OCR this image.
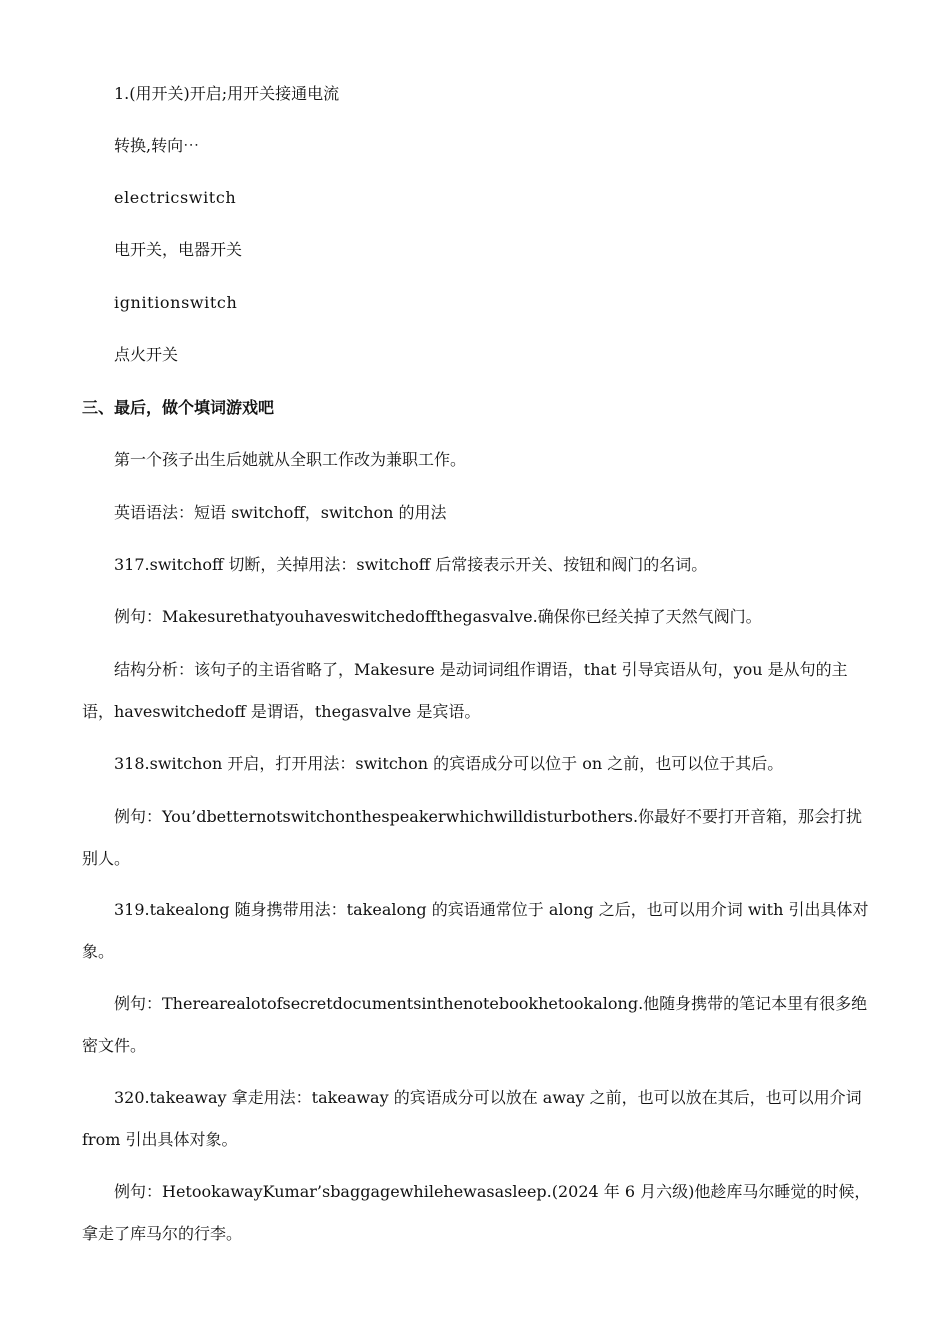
1.(用开关)开启;用开关接通电流
转换,转向⋯
electricswitch
电开关，电器开关
ignitionswitch
点火开关
三、最后，做个填词游戏吧
第一个孩子出生后她就从全职工作改为兼职工作。
英语语法：短语 switchoff，switchon 的用法
317.switchoff 切断，关掉用法：switchoff 后常接表示开关、按钮和阀门的名词。
例句：Makesurethatyouhaveswitchedoffthegasvalve.确保你已经关掉了天然气阀门。
结构分析：该句子的主语省略了，Makesure 是动词词组作谓语，that 引导宾语从句，you 是从句的主语，haveswitchedoff 是谓语，thegasvalve 是宾语。
318.switchon 开启，打开用法：switchon 的宾语成分可以位于 on 之前，也可以位于其后。
例句：You’dbetternotswitchonthespeakerwhichwilldisturbothers.你最好不要打开音箱，那会打扰别人。
319.takealong 随身携带用法：takealong 的宾语通常位于 along 之后，也可以用介词 with 引出具体对象。
例句：Therearealotofsecretdocumentsinthenotebookhetookalong.他随身携带的笔记本里有很多绝密文件。
320.takeaway 拿走用法：takeaway 的宾语成分可以放在 away 之前，也可以放在其后，也可以用介词 from 引出具体对象。
例句：HetookawayKumar’sbaggagewhilehewasasleep.(2024 年 6 月六级)他趁库马尔睡觉的时候，拿走了库马尔的行李。
